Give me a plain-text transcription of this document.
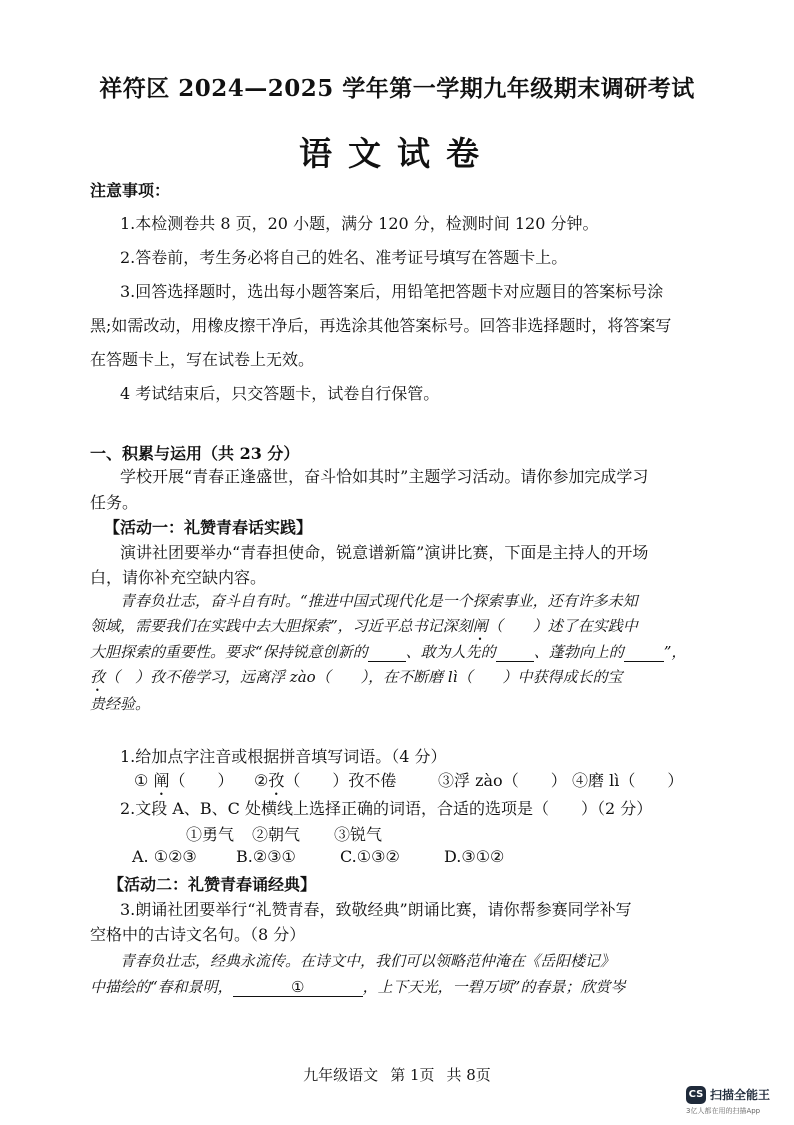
祥符区 2024—2025 学年第一学期九年级期末调研考试
语文试卷
注意事项：
1.本检测卷共 8 页，20 小题，满分 120 分，检测时间 120 分钟。
2.答卷前，考生务必将自己的姓名、准考证号填写在答题卡上。
3.回答选择题时，选出每小题答案后，用铅笔把答题卡对应题目的答案标号涂
黑;如需改动，用橡皮擦干净后，再选涂其他答案标号。回答非选择题时，将答案写
在答题卡上，写在试卷上无效。
4 考试结束后，只交答题卡，试卷自行保管。
一、积累与运用（共 23 分）
学校开展“青春正逢盛世，奋斗恰如其时”主题学习活动。请你参加完成学习
任务。
【活动一：礼赞青春话实践】
演讲社团要举办“青春担使命，锐意谱新篇”演讲比赛，下面是主持人的开场
白，请你补充空缺内容。
青春负壮志，奋斗自有时。“推进中国式现代化是一个探索事业，还有许多未知
领域，需要我们在实践中去大胆探索”，习近平总书记深刻阐（　　）述了在实践中
大胆探索的重要性。要求“保持锐意创新的	、敢为人先的	、蓬勃向上的	”，
孜（　）孜不倦学习，远离浮 zào（　　），在不断磨 lì（　　）中获得成长的宝
贵经验。
1.给加点字注音或根据拼音填写词语。（4 分）
① 阐（　　） ②孜（　　）孜不倦	③浮 zào（　　） ④磨 lì（　　）
2.文段 A、B、C 处横线上选择正确的词语，合适的选项是（　　）（2 分）
①勇气 ②朝气 ③锐气
A. ①②③ B.②③①	C.①③②	D.③①②
【活动二：礼赞青春诵经典】
3.朗诵社团要举行“礼赞青春，致敬经典”朗诵比赛，请你帮参赛同学补写
空格中的古诗文名句。（8 分）
青春负壮志，经典永流传。在诗文中，我们可以领略范仲淹在《岳阳楼记》
中描绘的“春和景明，	①	，上下天光，一碧万顷”的春景；欣赏岑
九年级语文 第 1页 共 8页
CS 扫描全能王
3亿人都在用的扫描App
